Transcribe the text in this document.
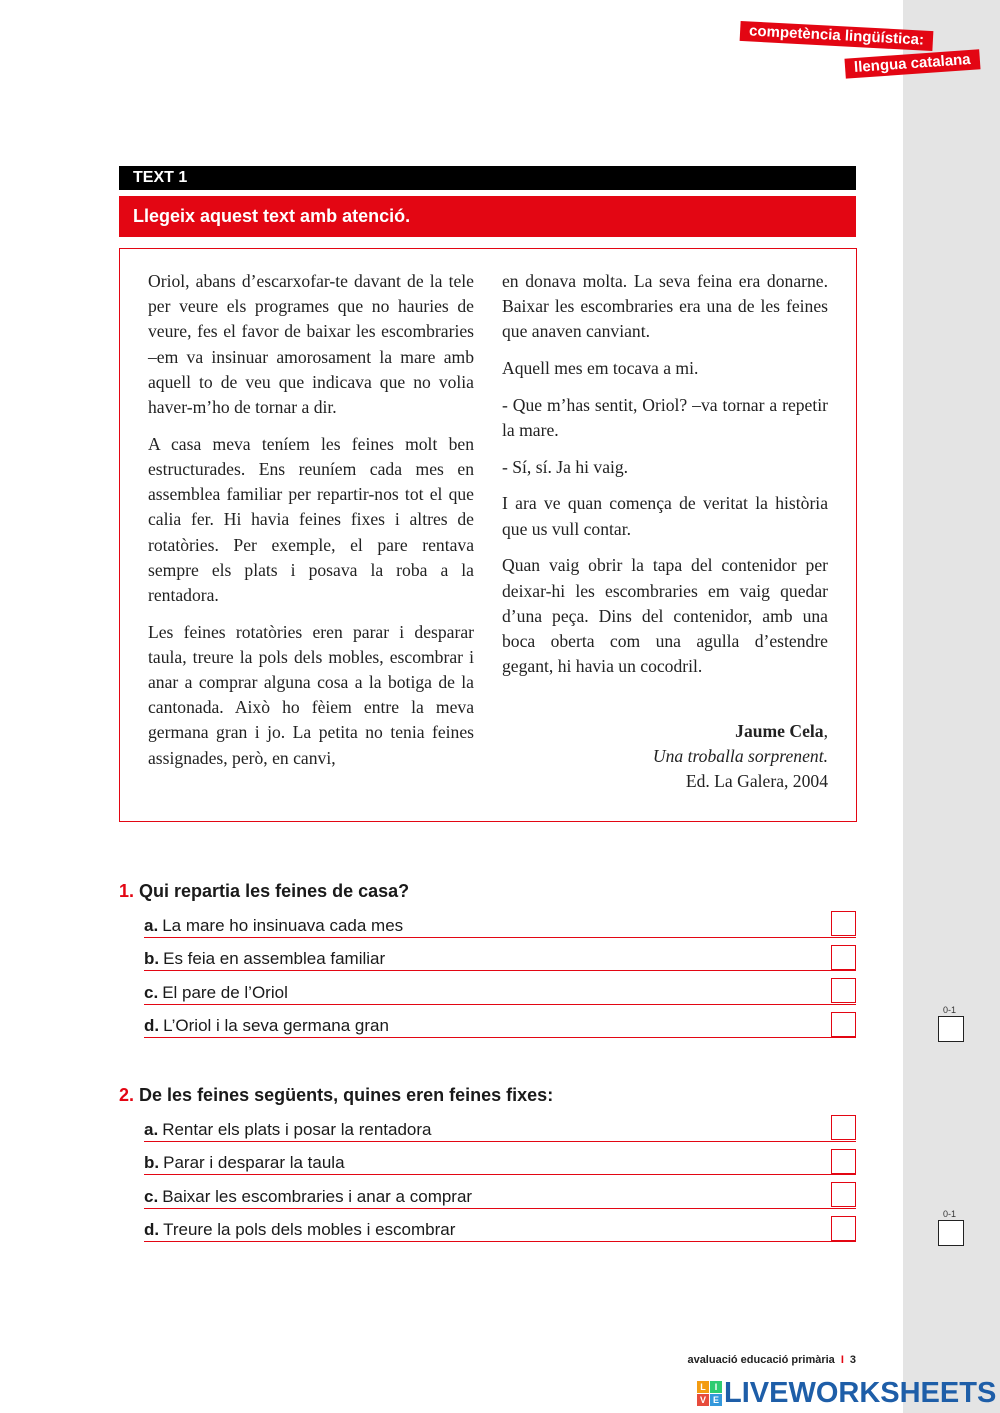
competència lingüística:
llengua catalana
TEXT 1
Llegeix aquest text amb atenció.

Oriol, abans d’escarxofar-te davant de la tele per veure els programes que no hauries de veure, fes el favor de baixar les escombraries –em va insinuar amorosament la mare amb aquell to de veu que indicava que no volia haver-m’ho de tornar a dir.

A casa meva teníem les feines molt ben estructurades. Ens reuníem cada mes en assemblea familiar per repartir-nos tot el que calia fer. Hi havia feines fixes i altres de rotatòries. Per exemple, el pare rentava sempre els plats i posava la roba a la rentadora.

Les feines rotatòries eren parar i desparar taula, treure la pols dels mobles, escombrar i anar a comprar alguna cosa a la botiga de la cantonada. Això ho fèiem entre la meva germana gran i jo. La petita no tenia feines assignades, però, en canvi,

en donava molta. La seva feina era donarne. Baixar les escombraries era una de les feines que anaven canviant.

Aquell mes em tocava a mi.

- Que m’has sentit, Oriol? –va tornar a repetir la mare.

- Sí, sí. Ja hi vaig.

I ara ve quan comença de veritat la història que us vull contar.

Quan vaig obrir la tapa del contenidor per deixar-hi les escombraries em vaig quedar d’una peça. Dins del contenidor, amb una boca oberta com una agulla d’estendre gegant, hi havia un cocodril.

Jaume Cela,
Una troballa sorprenent.
Ed. La Galera, 2004
1. Qui repartia les feines de casa?
a. La mare ho insinuava cada mes
b. Es feia en assemblea familiar
c. El pare de l’Oriol
d. L’Oriol i la seva germana gran
0-1
2. De les feines següents, quines eren feines fixes:
a. Rentar els plats i posar la rentadora
b. Parar i desparar la taula
c. Baixar les escombraries i anar a comprar
d. Treure la pols dels mobles i escombrar
0-1
avaluació educació primària I 3
L I
V E LIVEWORKSHEETS
